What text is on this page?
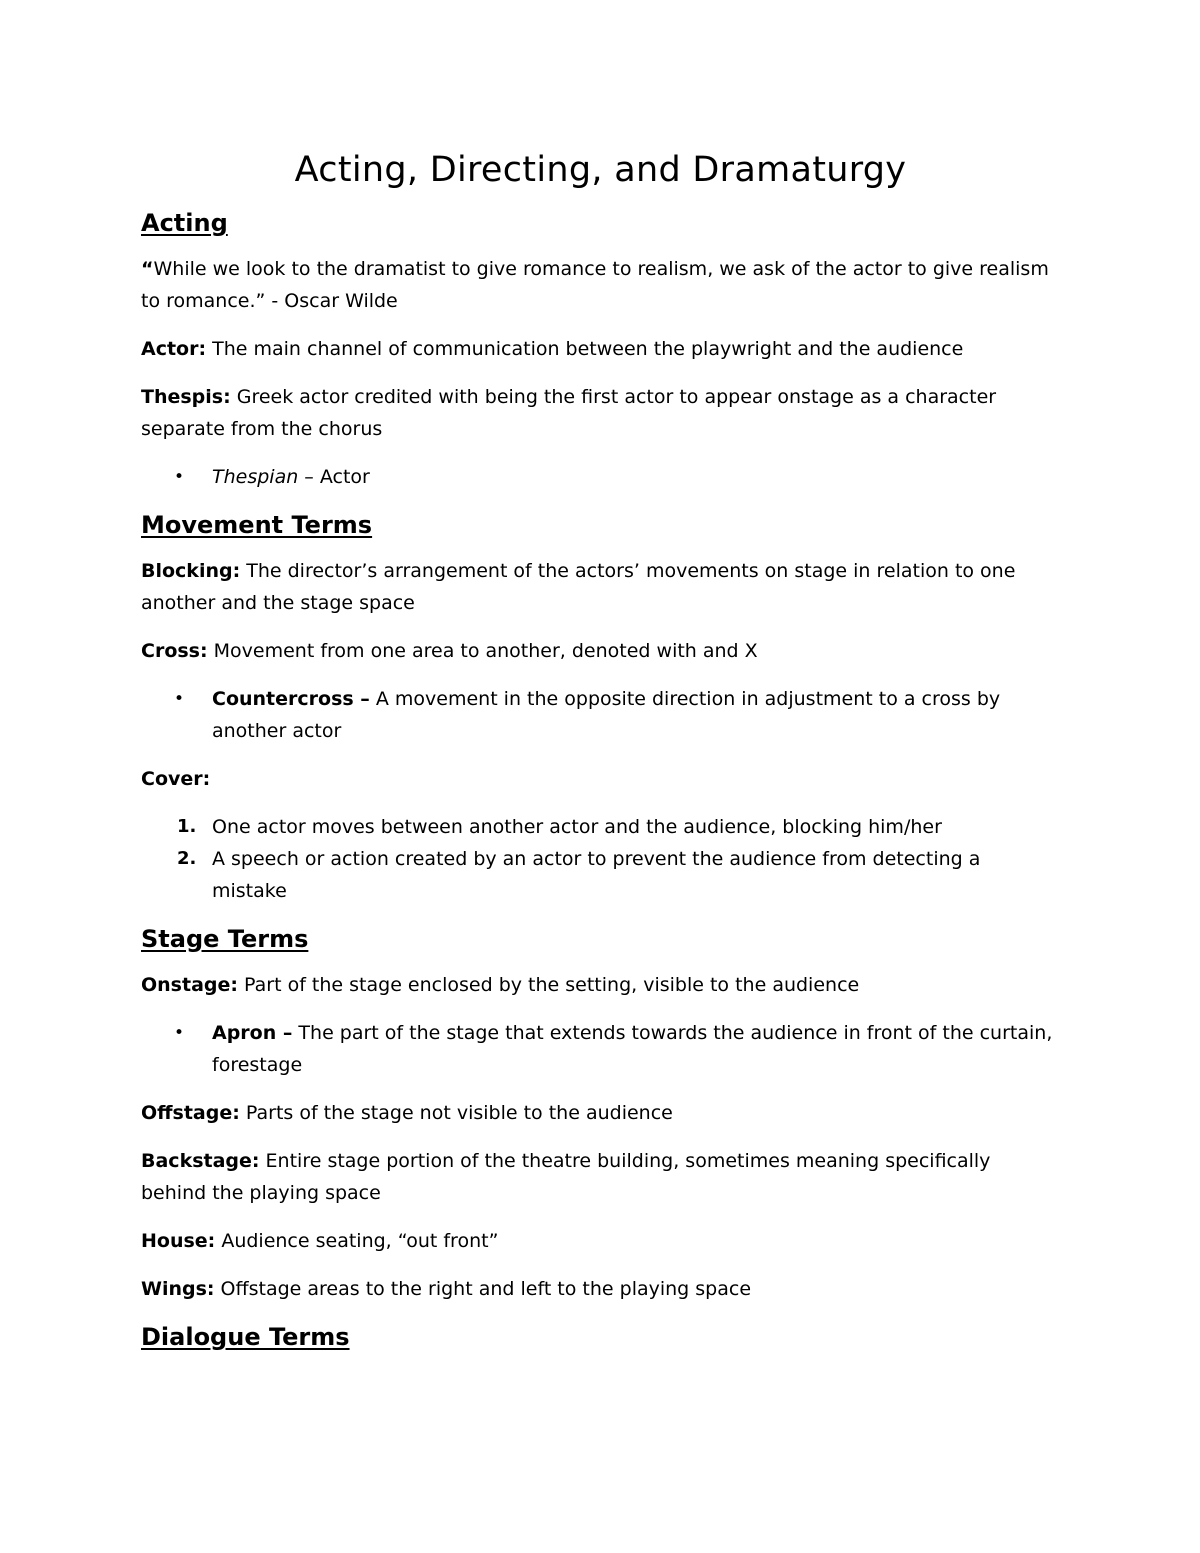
Acting, Directing, and Dramaturgy
Acting

“While we look to the dramatist to give romance to realism, we ask of the actor to give realism to romance.” - Oscar Wilde

Actor: The main channel of communication between the playwright and the audience

Thespis: Greek actor credited with being the first actor to appear onstage as a character separate from the chorus

• Thespian – Actor
Movement Terms

Blocking: The director’s arrangement of the actors’ movements on stage in relation to one another and the stage space

Cross: Movement from one area to another, denoted with and X

• Countercross – A movement in the opposite direction in adjustment to a cross by another actor

Cover:

1. One actor moves between another actor and the audience, blocking him/her
2. A speech or action created by an actor to prevent the audience from detecting a mistake
Stage Terms

Onstage: Part of the stage enclosed by the setting, visible to the audience

• Apron – The part of the stage that extends towards the audience in front of the curtain, forestage

Offstage: Parts of the stage not visible to the audience

Backstage: Entire stage portion of the theatre building, sometimes meaning specifically behind the playing space

House: Audience seating, “out front”

Wings: Offstage areas to the right and left to the playing space

Dialogue Terms
